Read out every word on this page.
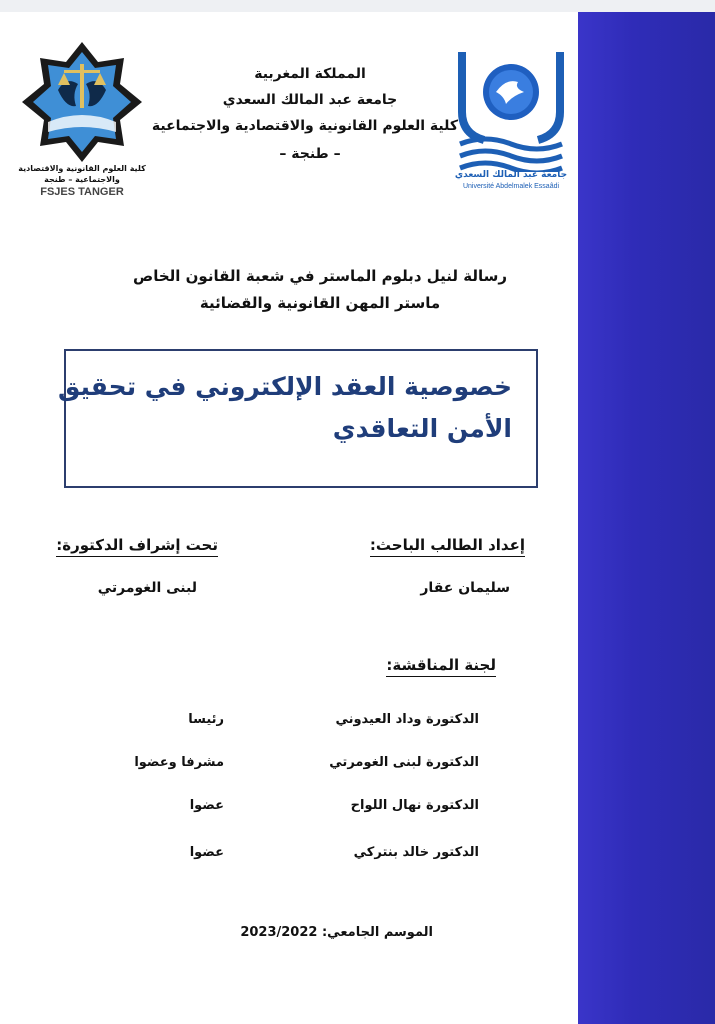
كلية العلوم القانونية والاقتصادية
والاجتماعية – طنجة
FSJES TANGER
جامعة عبد المالك السعدي
Université Abdelmalek Essaâdi
المملكة المغربية
جامعة عبد المالك السعدي
كلية العلوم القانونية والاقتصادية والاجتماعية
– طنجة –
رسالة لنيل دبلوم الماستر في شعبة القانون الخاص
ماستر المهن القانونية والقضائية
خصوصية العقد الإلكتروني في تحقيق
الأمن التعاقدي
إعداد الطالب الباحث:
سليمان عقار
تحت إشراف الدكتورة:
لبنى الغومرتي
لجنة المناقشة:
الدكتورة وداد العيدوني
رئيسا
الدكتورة لبنى الغومرتي
مشرفا وعضوا
الدكتورة نهال اللواح
عضوا
الدكتور خالد بنتركي
عضوا
الموسم الجامعي: 2023/2022
